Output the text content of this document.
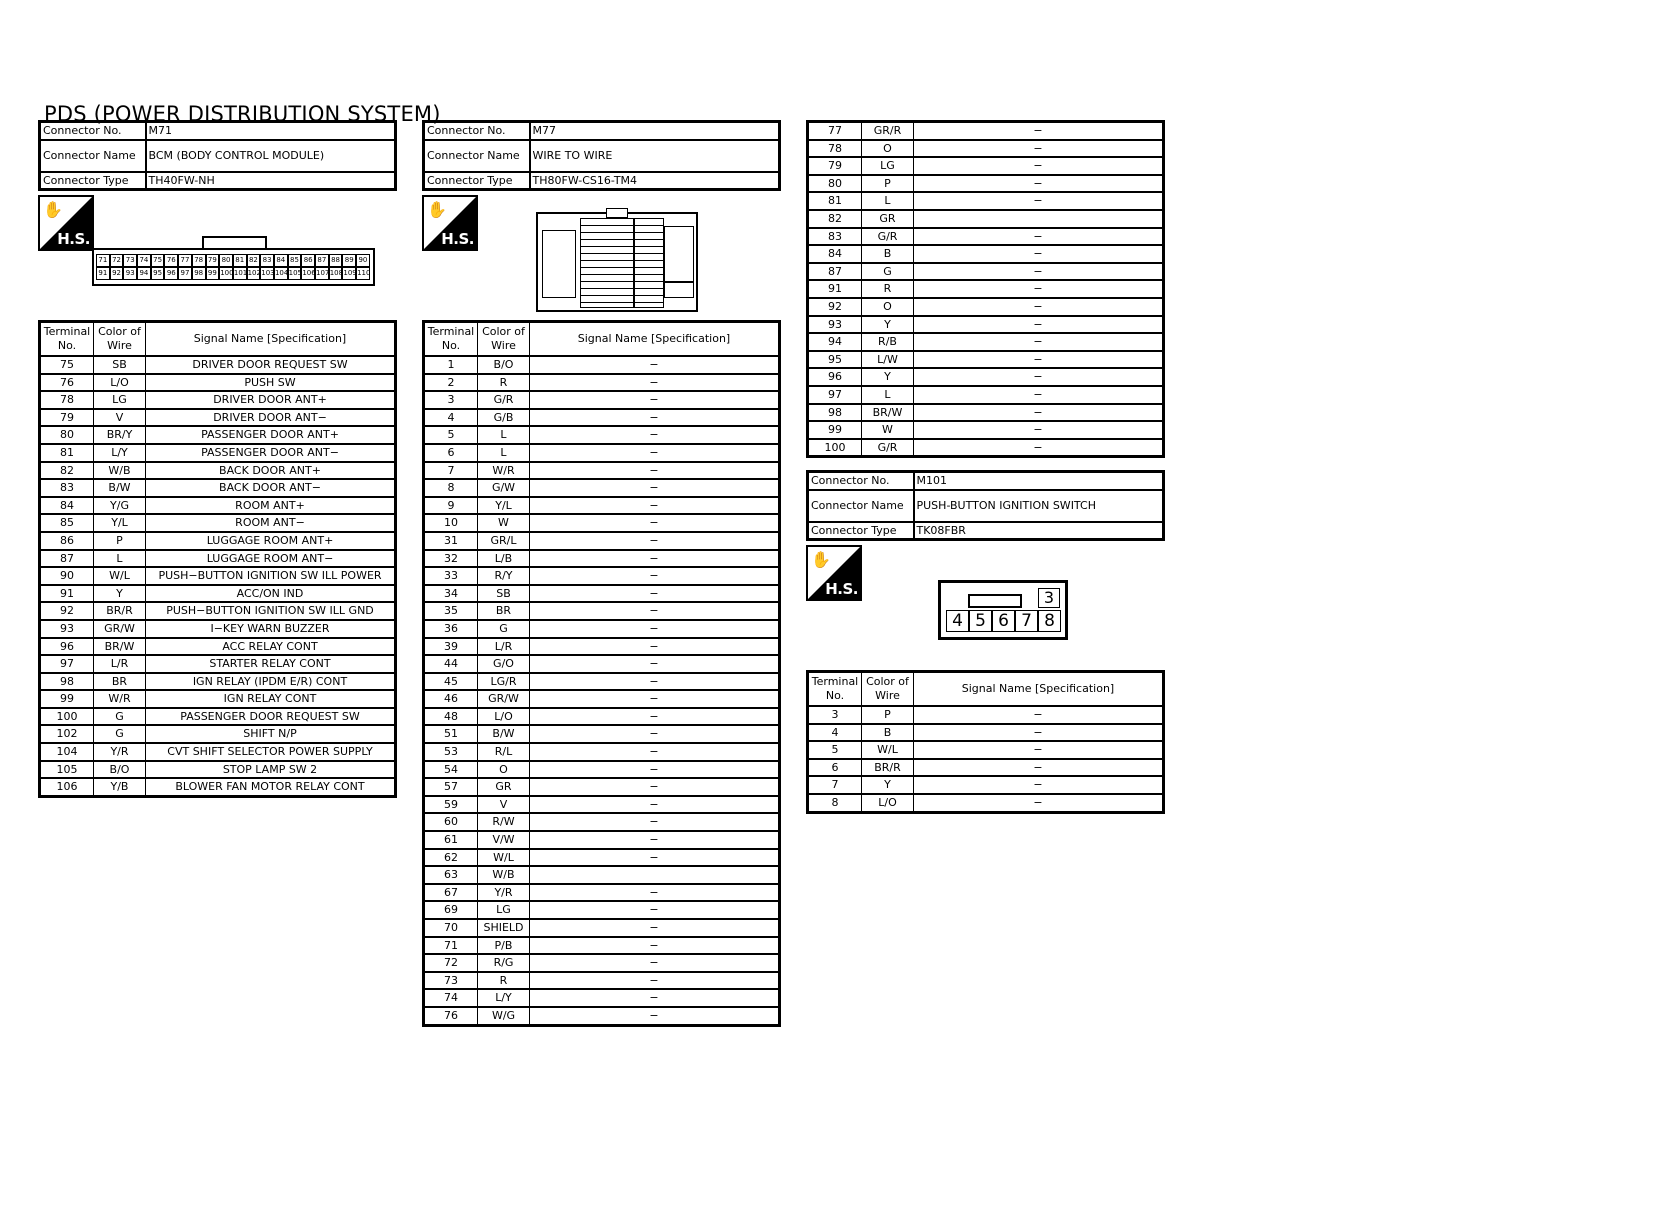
PDS (POWER DISTRIBUTION SYSTEM)
Connector No.	M71
Connector Name	BCM (BODY CONTROL MODULE)
Connector Type	TH40FW-NH
✋
H.S.
71 72 73 74 75 76 77 78 79 80 81 82 83 84 85 86 87 88 89 90
91 92 93 94 95 96 97 98 99 100 101 102 103 104 105 106 107 108 109 110
Terminal No.	Color of Wire	Signal Name [Specification]
75	SB	DRIVER DOOR REQUEST SW
76	L/O	PUSH SW
78	LG	DRIVER DOOR ANT+
79	V	DRIVER DOOR ANT−
80	BR/Y	PASSENGER DOOR ANT+
81	L/Y	PASSENGER DOOR ANT−
82	W/B	BACK DOOR ANT+
83	B/W	BACK DOOR ANT−
84	Y/G	ROOM ANT+
85	Y/L	ROOM ANT−
86	P	LUGGAGE ROOM ANT+
87	L	LUGGAGE ROOM ANT−
90	W/L	PUSH−BUTTON IGNITION SW ILL POWER
91	Y	ACC/ON IND
92	BR/R	PUSH−BUTTON IGNITION SW ILL GND
93	GR/W	I−KEY WARN BUZZER
96	BR/W	ACC RELAY CONT
97	L/R	STARTER RELAY CONT
98	BR	IGN RELAY (IPDM E/R) CONT
99	W/R	IGN RELAY CONT
100	G	PASSENGER DOOR REQUEST SW
102	G	SHIFT N/P
104	Y/R	CVT SHIFT SELECTOR POWER SUPPLY
105	B/O	STOP LAMP SW 2
106	Y/B	BLOWER FAN MOTOR RELAY CONT
Connector No.	M77
Connector Name	WIRE TO WIRE
Connector Type	TH80FW-CS16-TM4
✋
H.S.
Terminal No.	Color of Wire	Signal Name [Specification]
1	B/O	−
2	R	−
3	G/R	−
4	G/B	−
5	L	−
6	L	−
7	W/R	−
8	G/W	−
9	Y/L	−
10	W	−
31	GR/L	−
32	L/B	−
33	R/Y	−
34	SB	−
35	BR	−
36	G	−
39	L/R	−
44	G/O	−
45	LG/R	−
46	GR/W	−
48	L/O	−
51	B/W	−
53	R/L	−
54	O	−
57	GR	−
59	V	−
60	R/W	−
61	V/W	−
62	W/L	−
63	W/B	
67	Y/R	−
69	LG	−
70	SHIELD	−
71	P/B	−
72	R/G	−
73	R	−
74	L/Y	−
76	W/G	−
77	GR/R	−
78	O	−
79	LG	−
80	P	−
81	L	−
82	GR	
83	G/R	−
84	B	−
87	G	−
91	R	−
92	O	−
93	Y	−
94	R/B	−
95	L/W	−
96	Y	−
97	L	−
98	BR/W	−
99	W	−
100	G/R	−
Connector No.	M101
Connector Name	PUSH-BUTTON IGNITION SWITCH
Connector Type	TK08FBR
✋
H.S.	3
4 5 6 7 8
Terminal No.	Color of Wire	Signal Name [Specification]
3	P	−
4	B	−
5	W/L	−
6	BR/R	−
7	Y	−
8	L/O	−
